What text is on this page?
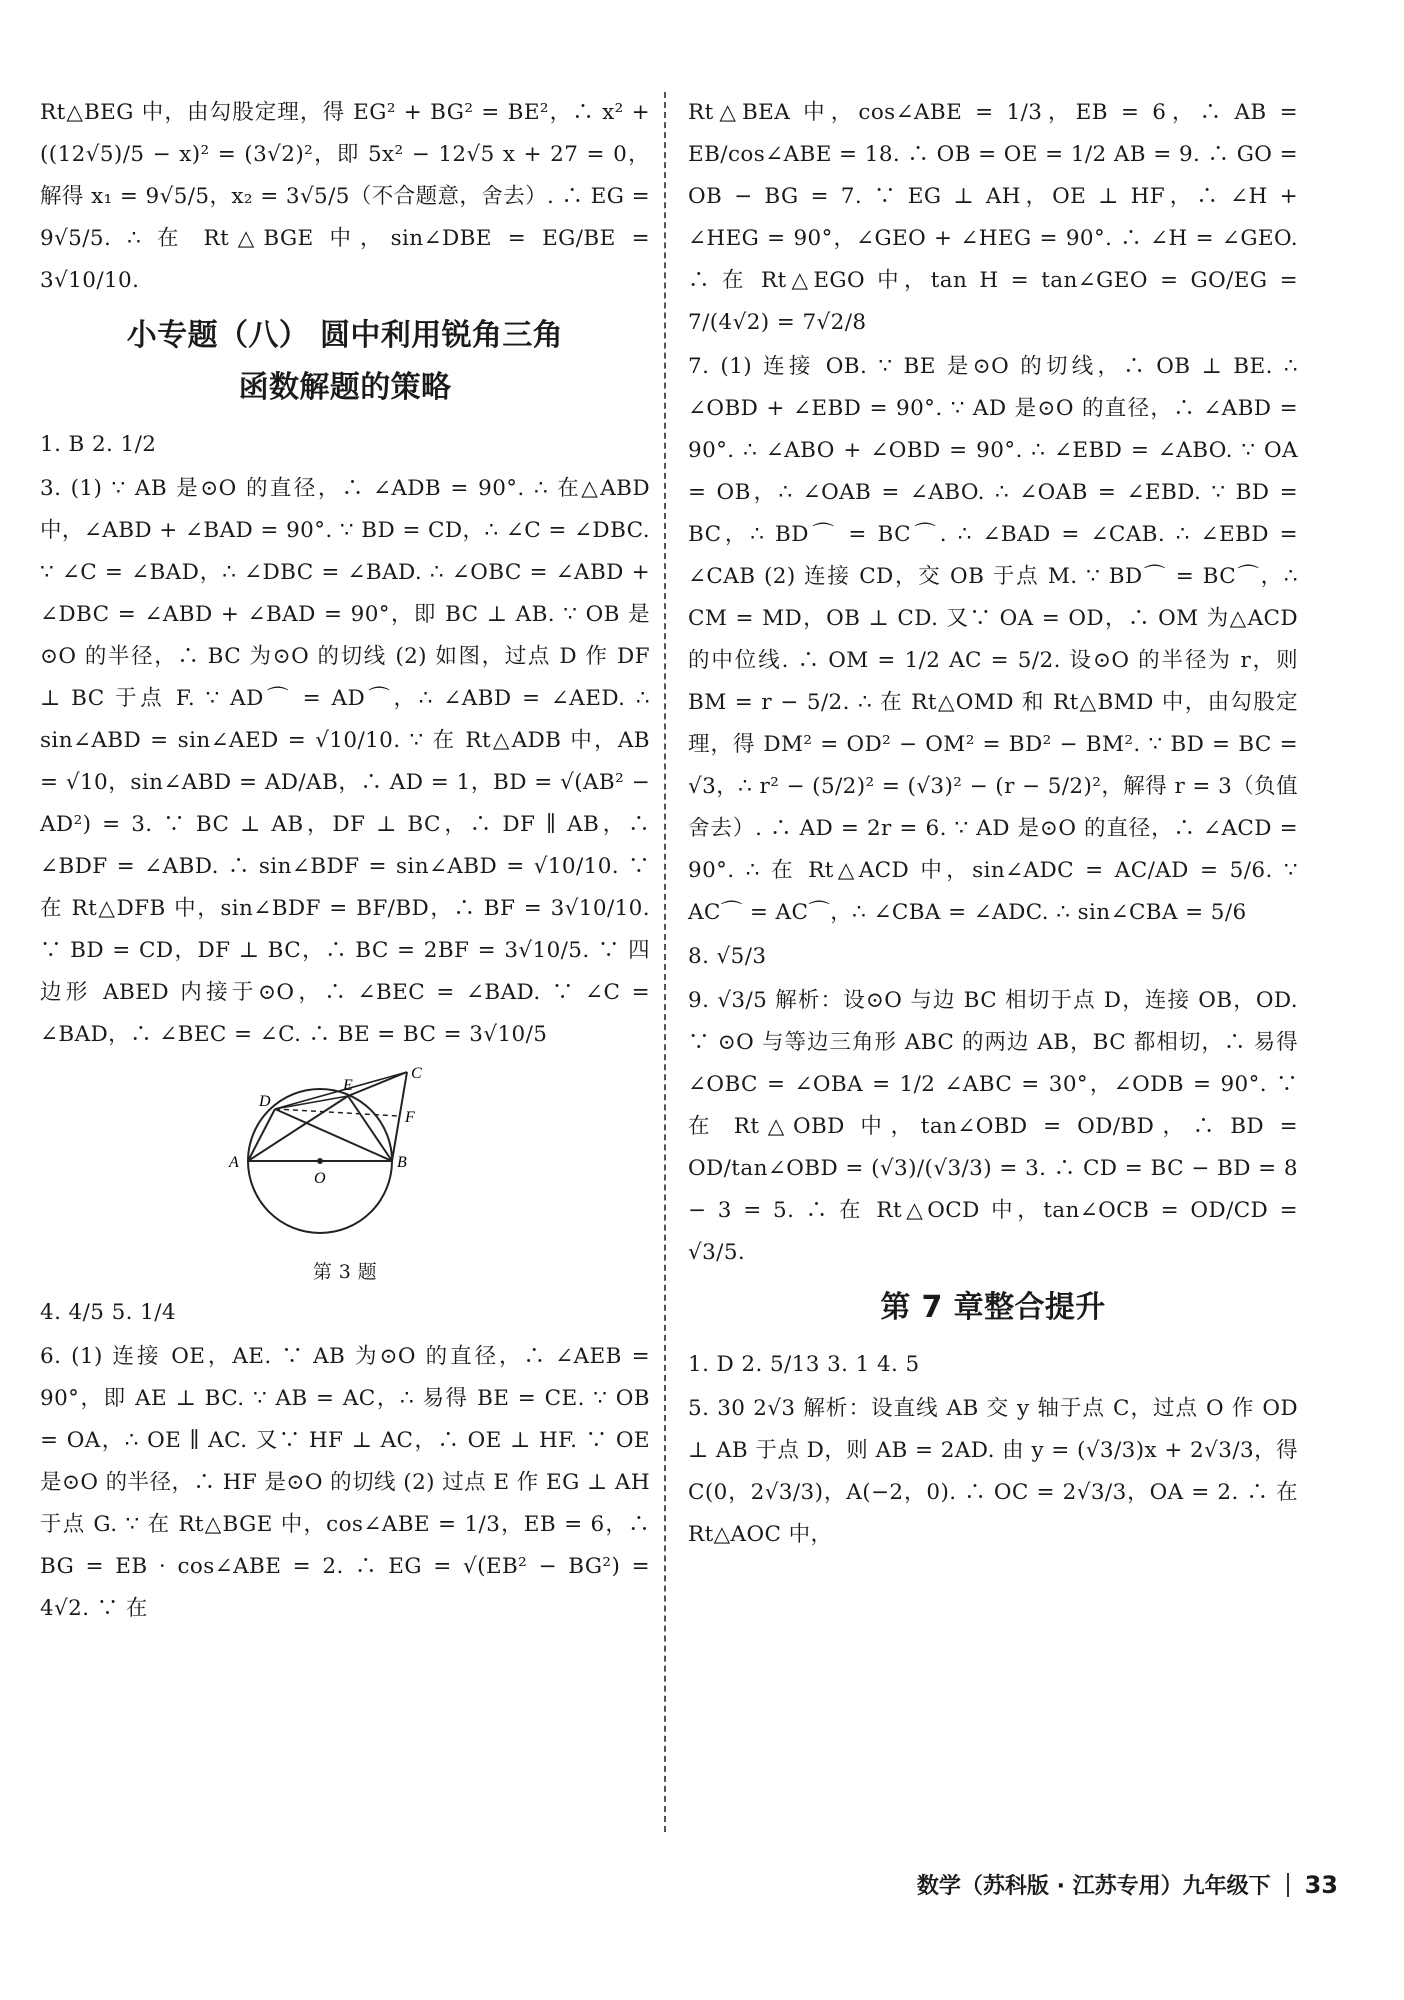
Rt△BEG 中，由勾股定理，得 EG² + BG² = BE²，∴ x² + ((12√5)/5 − x)² = (3√2)²，即 5x² − 12√5 x + 27 = 0，解得 x₁ = 9√5/5，x₂ = 3√5/5（不合题意，舍去）. ∴ EG = 9√5/5. ∴ 在 Rt△BGE 中，sin∠DBE = EG/BE = 3√10/10.

小专题（八） 圆中利用锐角三角
函数解题的策略

1. B 2. 1/2

3. (1) ∵ AB 是⊙O 的直径，∴ ∠ADB = 90°. ∴ 在△ABD 中，∠ABD + ∠BAD = 90°. ∵ BD = CD，∴ ∠C = ∠DBC. ∵ ∠C = ∠BAD，∴ ∠DBC = ∠BAD. ∴ ∠OBC = ∠ABD + ∠DBC = ∠ABD + ∠BAD = 90°，即 BC ⊥ AB. ∵ OB 是⊙O 的半径，∴ BC 为⊙O 的切线 (2) 如图，过点 D 作 DF ⊥ BC 于点 F. ∵ AD⌒ = AD⌒，∴ ∠ABD = ∠AED. ∴ sin∠ABD = sin∠AED = √10/10. ∵ 在 Rt△ADB 中，AB = √10，sin∠ABD = AD/AB，∴ AD = 1，BD = √(AB² − AD²) = 3. ∵ BC ⊥ AB，DF ⊥ BC，∴ DF ∥ AB，∴ ∠BDF = ∠ABD. ∴ sin∠BDF = sin∠ABD = √10/10. ∵ 在 Rt△DFB 中，sin∠BDF = BF/BD，∴ BF = 3√10/10. ∵ BD = CD，DF ⊥ BC，∴ BC = 2BF = 3√10/5. ∵ 四边形 ABED 内接于⊙O，∴ ∠BEC = ∠BAD. ∵ ∠C = ∠BAD，∴ ∠BEC = ∠C. ∴ BE = BC = 3√10/5

A	B
C
D
E
F
O
第 3 题

4. 4/5 5. 1/4

6. (1) 连接 OE，AE. ∵ AB 为⊙O 的直径，∴ ∠AEB = 90°，即 AE ⊥ BC. ∵ AB = AC，∴ 易得 BE = CE. ∵ OB = OA，∴ OE ∥ AC. 又∵ HF ⊥ AC，∴ OE ⊥ HF. ∵ OE 是⊙O 的半径，∴ HF 是⊙O 的切线 (2) 过点 E 作 EG ⊥ AH 于点 G. ∵ 在 Rt△BGE 中，cos∠ABE = 1/3，EB = 6，∴ BG = EB · cos∠ABE = 2. ∴ EG = √(EB² − BG²) = 4√2. ∵ 在

Rt△BEA 中，cos∠ABE = 1/3，EB = 6，∴ AB = EB/cos∠ABE = 18. ∴ OB = OE = 1/2 AB = 9. ∴ GO = OB − BG = 7. ∵ EG ⊥ AH，OE ⊥ HF，∴ ∠H + ∠HEG = 90°，∠GEO + ∠HEG = 90°. ∴ ∠H = ∠GEO. ∴ 在 Rt△EGO 中，tan H = tan∠GEO = GO/EG = 7/(4√2) = 7√2/8

7. (1) 连接 OB. ∵ BE 是⊙O 的切线，∴ OB ⊥ BE. ∴ ∠OBD + ∠EBD = 90°. ∵ AD 是⊙O 的直径，∴ ∠ABD = 90°. ∴ ∠ABO + ∠OBD = 90°. ∴ ∠EBD = ∠ABO. ∵ OA = OB，∴ ∠OAB = ∠ABO. ∴ ∠OAB = ∠EBD. ∵ BD = BC，∴ BD⌒ = BC⌒. ∴ ∠BAD = ∠CAB. ∴ ∠EBD = ∠CAB (2) 连接 CD，交 OB 于点 M. ∵ BD⌒ = BC⌒，∴ CM = MD，OB ⊥ CD. 又∵ OA = OD，∴ OM 为△ACD 的中位线. ∴ OM = 1/2 AC = 5/2. 设⊙O 的半径为 r，则 BM = r − 5/2. ∴ 在 Rt△OMD 和 Rt△BMD 中，由勾股定理，得 DM² = OD² − OM² = BD² − BM². ∵ BD = BC = √3，∴ r² − (5/2)² = (√3)² − (r − 5/2)²，解得 r = 3（负值舍去）. ∴ AD = 2r = 6. ∵ AD 是⊙O 的直径，∴ ∠ACD = 90°. ∴ 在 Rt△ACD 中，sin∠ADC = AC/AD = 5/6. ∵ AC⌒ = AC⌒，∴ ∠CBA = ∠ADC. ∴ sin∠CBA = 5/6

8. √5/3

9. √3/5 解析：设⊙O 与边 BC 相切于点 D，连接 OB，OD. ∵ ⊙O 与等边三角形 ABC 的两边 AB，BC 都相切，∴ 易得 ∠OBC = ∠OBA = 1/2 ∠ABC = 30°，∠ODB = 90°. ∵ 在 Rt△OBD 中，tan∠OBD = OD/BD，∴ BD = OD/tan∠OBD = (√3)/(√3/3) = 3. ∴ CD = BC − BD = 8 − 3 = 5. ∴ 在 Rt△OCD 中，tan∠OCB = OD/CD = √3/5.

第 7 章整合提升

1. D 2. 5/13 3. 1 4. 5

5. 30 2√3 解析：设直线 AB 交 y 轴于点 C，过点 O 作 OD ⊥ AB 于点 D，则 AB = 2AD. 由 y = (√3/3)x + 2√3/3，得 C(0，2√3/3)，A(−2，0). ∴ OC = 2√3/3，OA = 2. ∴ 在 Rt△AOC 中，

数学（苏科版 · 江苏专用）九年级下 33
